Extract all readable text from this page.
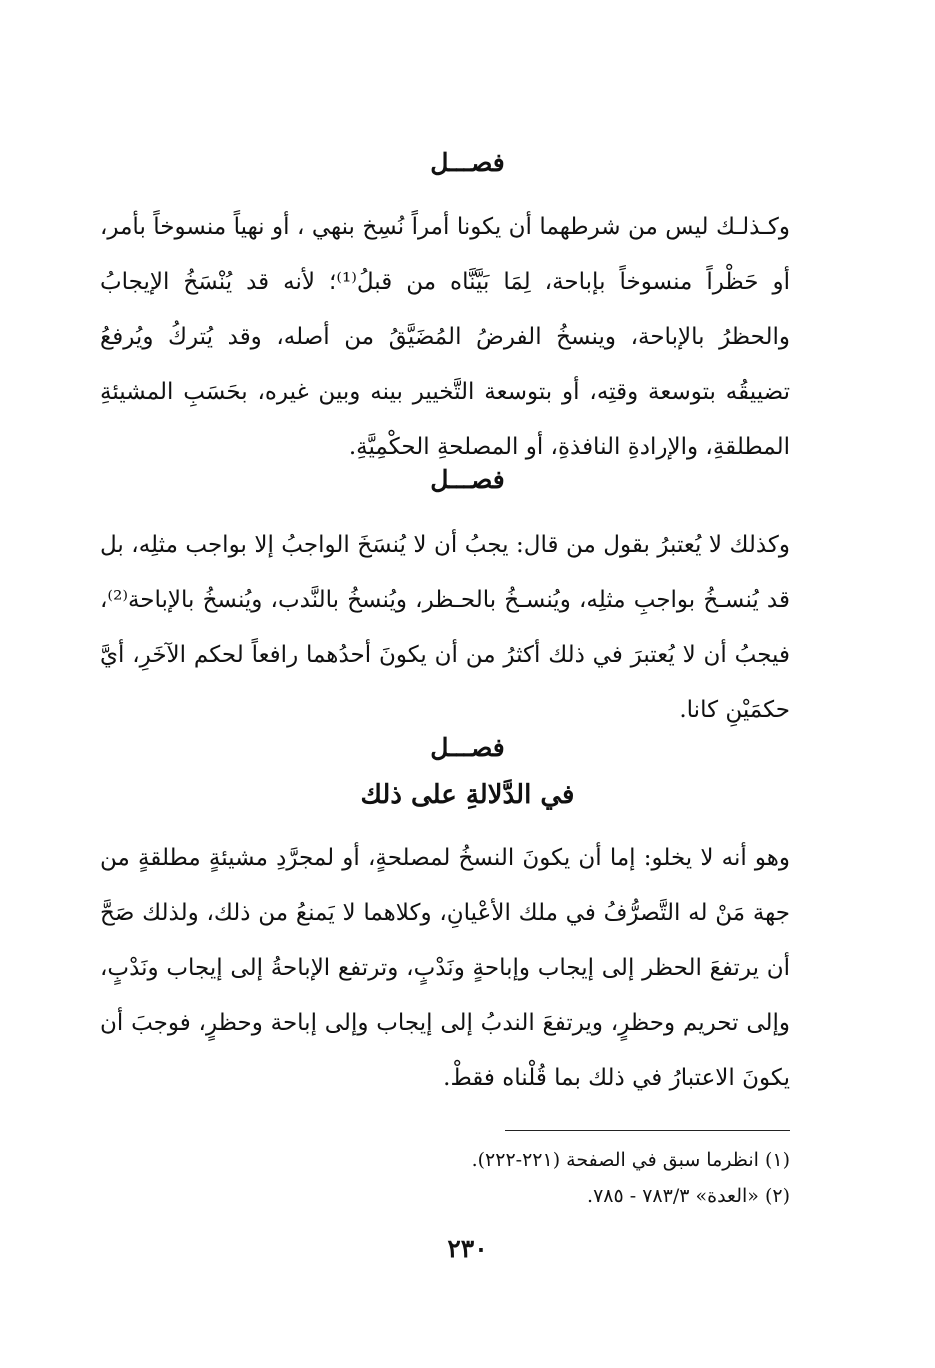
فصـــل

وكـذلـك ليس من شرطهما أن يكونا أمراً نُسِخ بنهي ، أو نهياً منسوخاً بأمر، أو حَظْراً منسوخاً بإباحة، لِمَا بَيَّنَّاه من قبلُ⁽¹⁾؛ لأنه قد يُنْسَخُ الإيجابُ والحظرُ بالإباحة، وينسخُ الفرضُ المُضَيَّقُ من أصله، وقد يُتركُ ويُرفعُ تضييقُه بتوسعة وقتِه، أو بتوسعة التَّخيير بينه وبين غيره، بحَسَبِ المشيئةِ المطلقةِ، والإرادةِ النافذةِ، أو المصلحةِ الحكْمِيَّةِ.

فصـــل

وكذلك لا يُعتبرُ بقول من قال: يجبُ أن لا يُنسَخَ الواجبُ إلا بواجب مثلِه، بل قد يُنسـخُ بواجبِ مثلِه، ويُنسـخُ بالحـظر، ويُنسخُ بالنَّدب، ويُنسخُ بالإباحة⁽²⁾، فيجبُ أن لا يُعتبرَ في ذلك أكثرُ من أن يكونَ أحدُهما رافعاً لحكم الآخَرِ، أيَّ حكمَيْنِ كانا.

فصـــل
في الدَّلالةِ على ذلك

وهو أنه لا يخلو: إما أن يكونَ النسخُ لمصلحةٍ، أو لمجرَّدِ مشيئةٍ مطلقةٍ من جهة مَنْ له التَّصرُّفُ في ملك الأعْيانِ، وكلاهما لا يَمنعُ من ذلك، ولذلك صَحَّ أن يرتفعَ الحظر إلى إيجاب وإباحةٍ ونَدْبٍ، وترتفع الإباحةُ إلى إيجاب ونَدْبٍ، وإلى تحريم وحظرٍ، ويرتفعَ الندبُ إلى إيجاب وإلى إباحة وحظرٍ، فوجبَ أن يكونَ الاعتبارُ في ذلك بما قُلْناه فقطْ.

(١) انظرما سبق في الصفحة (٢٢١-٢٢٢).

(٢) «العدة» ٧٨٣/٣ - ٧٨٥.

٢٣٠
